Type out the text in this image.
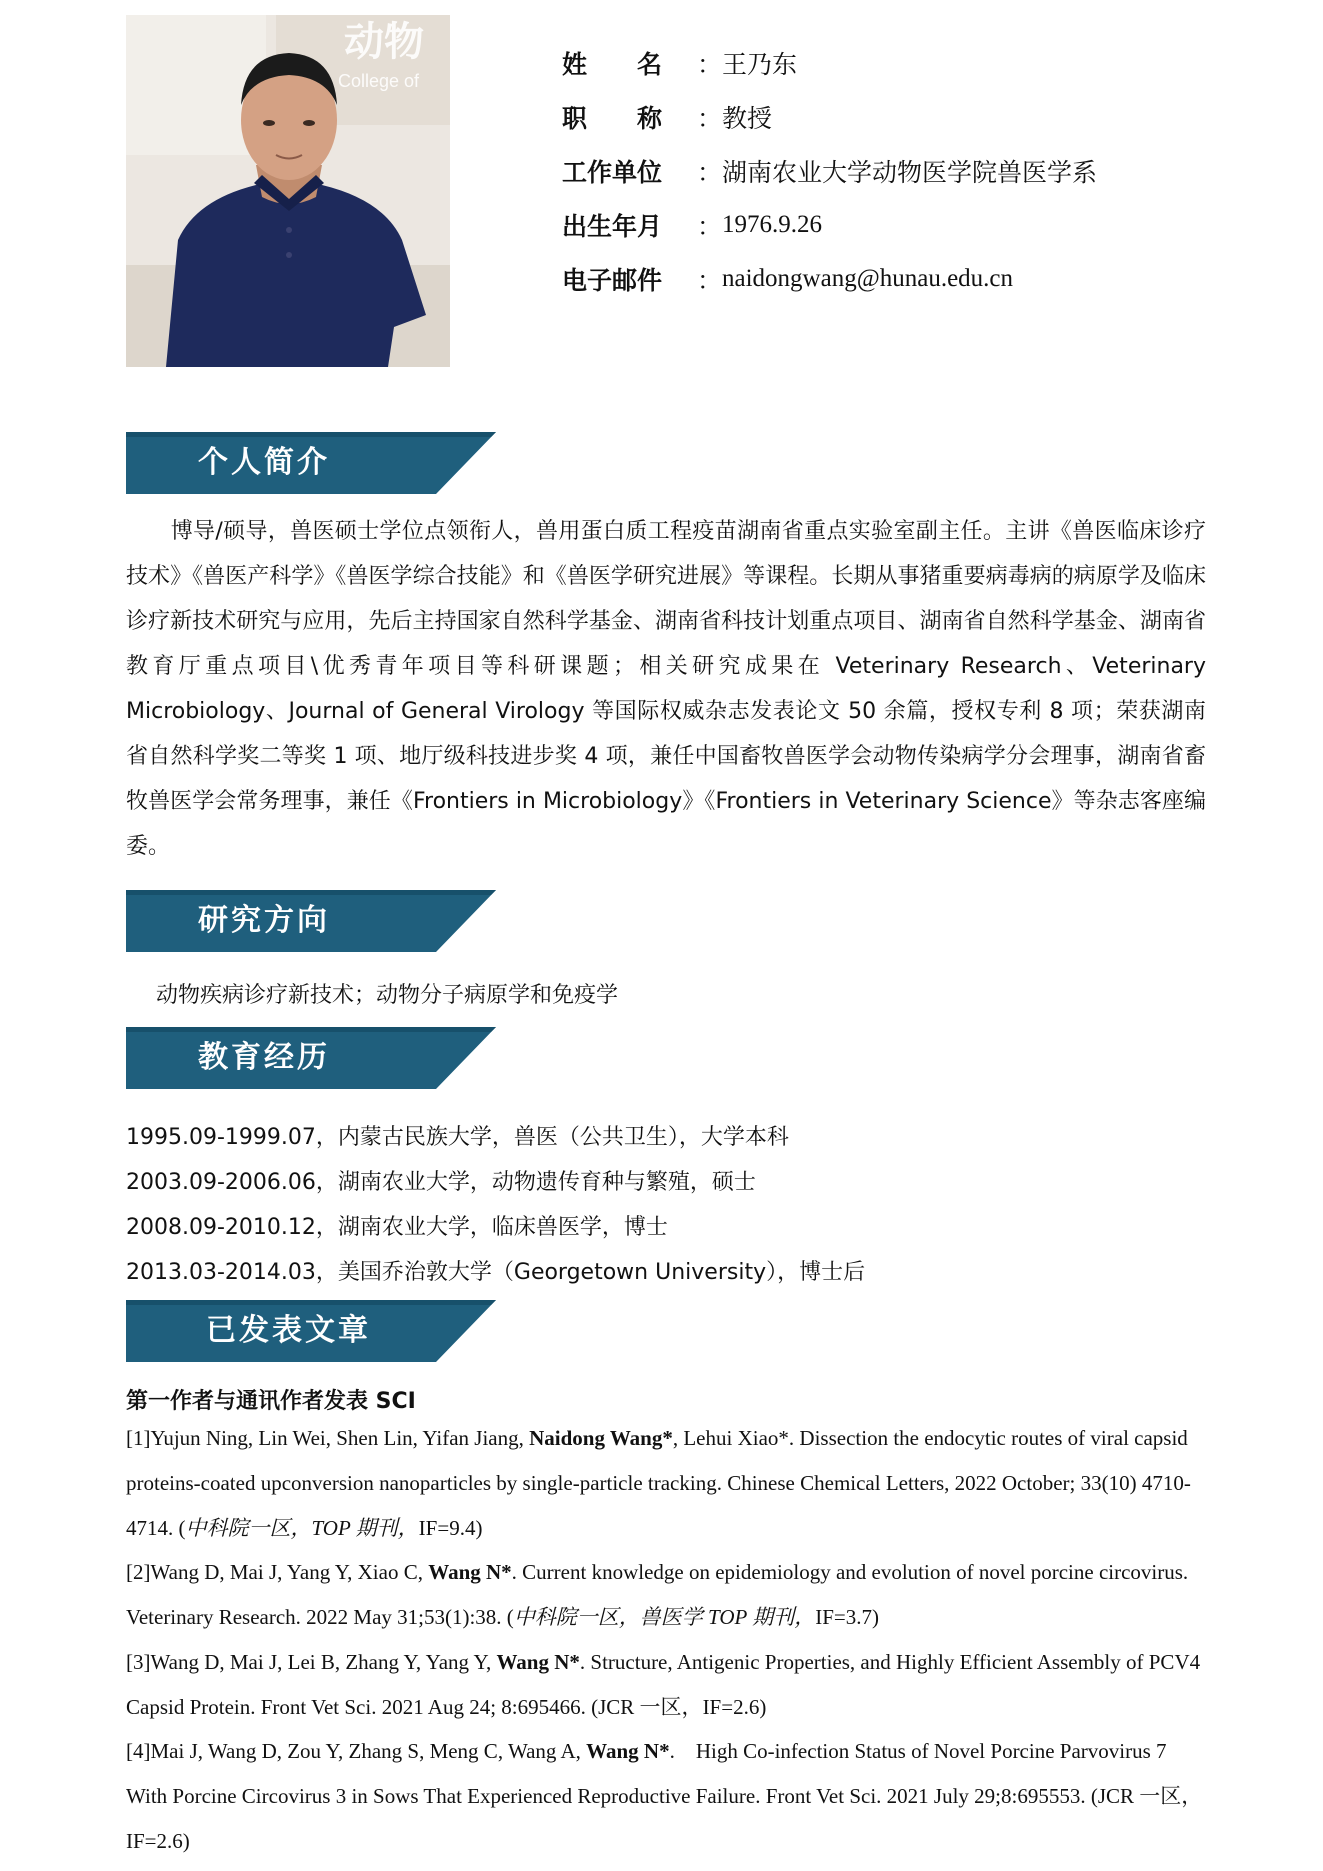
动物
College of
姓　　名	： 王乃东
职　　称	： 教授
工作单位	： 湖南农业大学动物医学院兽医学系
出生年月	： 1976.9.26
电子邮件	： naidongwang@hunau.edu.cn
个人简介
　　博导/硕导，兽医硕士学位点领衔人，兽用蛋白质工程疫苗湖南省重点实验室副主任。主讲《兽医临床诊疗技术》《兽医产科学》《兽医学综合技能》和《兽医学研究进展》等课程。长期从事猪重要病毒病的病原学及临床诊疗新技术研究与应用，先后主持国家自然科学基金、湖南省科技计划重点项目、湖南省自然科学基金、湖南省教育厅重点项目\优秀青年项目等科研课题；相关研究成果在 Veterinary Research、Veterinary Microbiology、Journal of General Virology 等国际权威杂志发表论文 50 余篇，授权专利 8 项；荣获湖南省自然科学奖二等奖 1 项、地厅级科技进步奖 4 项，兼任中国畜牧兽医学会动物传染病学分会理事，湖南省畜牧兽医学会常务理事，兼任《Frontiers in Microbiology》《Frontiers in Veterinary Science》等杂志客座编委。
研究方向
动物疾病诊疗新技术；动物分子病原学和免疫学
教育经历
1995.09-1999.07，内蒙古民族大学，兽医（公共卫生），大学本科
2003.09-2006.06，湖南农业大学，动物遗传育种与繁殖，硕士
2008.09-2010.12，湖南农业大学，临床兽医学，博士
2013.03-2014.03，美国乔治敦大学（Georgetown University），博士后
已发表文章
第一作者与通讯作者发表 SCI
[1]Yujun Ning, Lin Wei, Shen Lin, Yifan Jiang, Naidong Wang*, Lehui Xiao*. Dissection the endocytic routes of viral capsid proteins-coated upconversion nanoparticles by single-particle tracking. Chinese Chemical Letters, 2022 October; 33(10) 4710-4714. (中科院一区，TOP 期刊，IF=9.4)
[2]Wang D, Mai J, Yang Y, Xiao C, Wang N*. Current knowledge on epidemiology and evolution of novel porcine circovirus. Veterinary Research. 2022 May 31;53(1):38. (中科院一区，兽医学 TOP 期刊，IF=3.7)
[3]Wang D, Mai J, Lei B, Zhang Y, Yang Y, Wang N*. Structure, Antigenic Properties, and Highly Efficient Assembly of PCV4 Capsid Protein. Front Vet Sci. 2021 Aug 24; 8:695466. (JCR 一区，IF=2.6)
[4]Mai J, Wang D, Zou Y, Zhang S, Meng C, Wang A, Wang N*.　High Co-infection Status of Novel Porcine Parvovirus 7 With Porcine Circovirus 3 in Sows That Experienced Reproductive Failure. Front Vet Sci. 2021 July 29;8:695553. (JCR 一区，IF=2.6)
